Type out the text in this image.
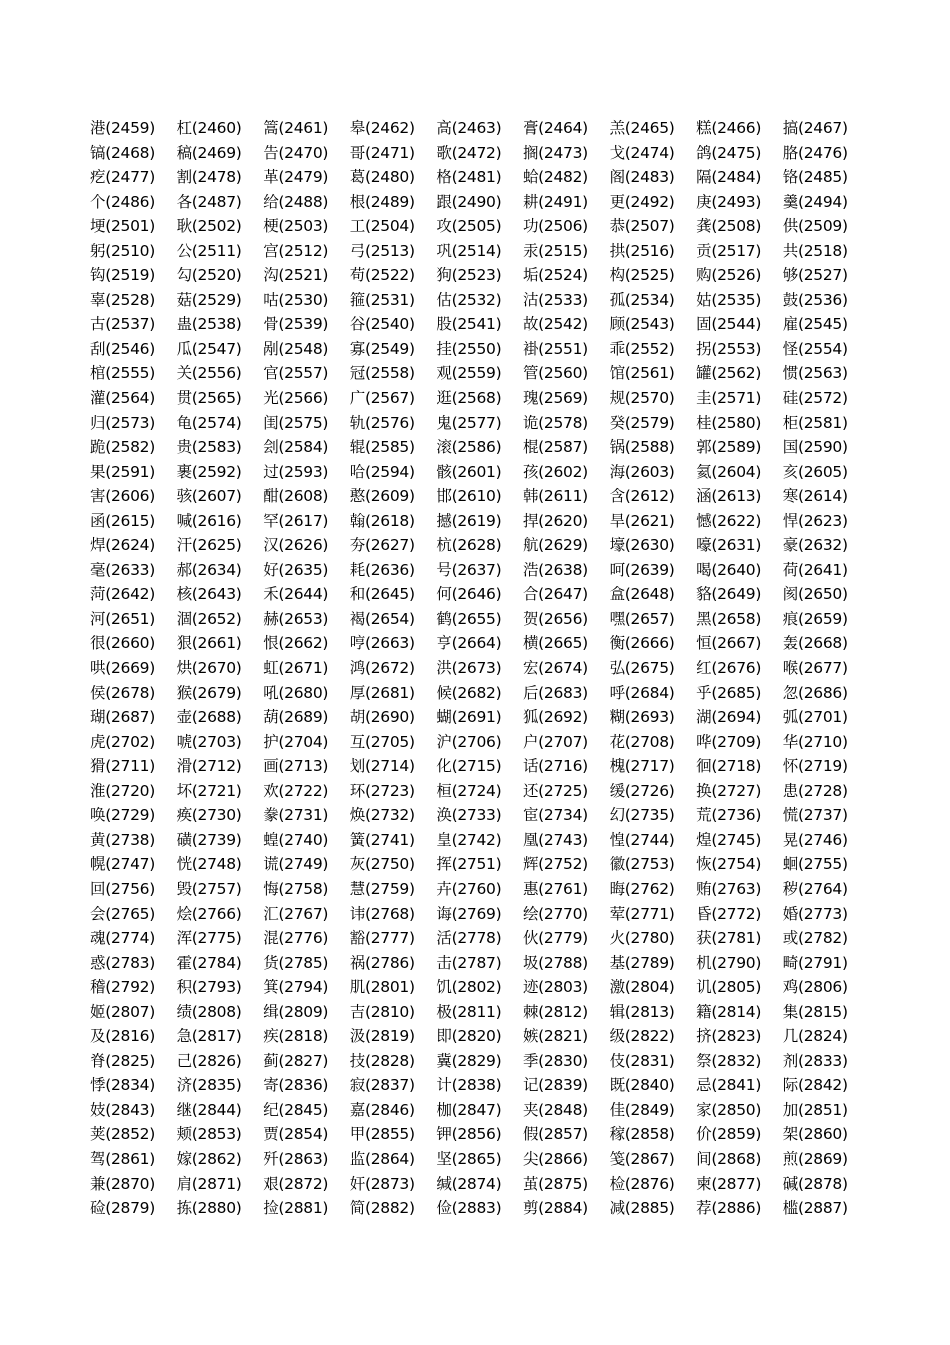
港(2459)	杠(2460)	篙(2461)	皋(2462)	高(2463)	膏(2464)	羔(2465)	糕(2466)	搞(2467)
镐(2468)	稿(2469)	告(2470)	哥(2471)	歌(2472)	搁(2473)	戈(2474)	鸽(2475)	胳(2476)
疙(2477)	割(2478)	革(2479)	葛(2480)	格(2481)	蛤(2482)	阁(2483)	隔(2484)	铬(2485)
个(2486)	各(2487)	给(2488)	根(2489)	跟(2490)	耕(2491)	更(2492)	庚(2493)	羹(2494)
埂(2501)	耿(2502)	梗(2503)	工(2504)	攻(2505)	功(2506)	恭(2507)	龚(2508)	供(2509)
躬(2510)	公(2511)	宫(2512)	弓(2513)	巩(2514)	汞(2515)	拱(2516)	贡(2517)	共(2518)
钩(2519)	勾(2520)	沟(2521)	苟(2522)	狗(2523)	垢(2524)	构(2525)	购(2526)	够(2527)
辜(2528)	菇(2529)	咕(2530)	箍(2531)	估(2532)	沽(2533)	孤(2534)	姑(2535)	鼓(2536)
古(2537)	蛊(2538)	骨(2539)	谷(2540)	股(2541)	故(2542)	顾(2543)	固(2544)	雇(2545)
刮(2546)	瓜(2547)	剐(2548)	寡(2549)	挂(2550)	褂(2551)	乖(2552)	拐(2553)	怪(2554)
棺(2555)	关(2556)	官(2557)	冠(2558)	观(2559)	管(2560)	馆(2561)	罐(2562)	惯(2563)
灌(2564)	贯(2565)	光(2566)	广(2567)	逛(2568)	瑰(2569)	规(2570)	圭(2571)	硅(2572)
归(2573)	龟(2574)	闺(2575)	轨(2576)	鬼(2577)	诡(2578)	癸(2579)	桂(2580)	柜(2581)
跪(2582)	贵(2583)	刽(2584)	辊(2585)	滚(2586)	棍(2587)	锅(2588)	郭(2589)	国(2590)
果(2591)	裹(2592)	过(2593)	哈(2594)	骸(2601)	孩(2602)	海(2603)	氦(2604)	亥(2605)
害(2606)	骇(2607)	酣(2608)	憨(2609)	邯(2610)	韩(2611)	含(2612)	涵(2613)	寒(2614)
函(2615)	喊(2616)	罕(2617)	翰(2618)	撼(2619)	捍(2620)	旱(2621)	憾(2622)	悍(2623)
焊(2624)	汗(2625)	汉(2626)	夯(2627)	杭(2628)	航(2629)	壕(2630)	嚎(2631)	豪(2632)
毫(2633)	郝(2634)	好(2635)	耗(2636)	号(2637)	浩(2638)	呵(2639)	喝(2640)	荷(2641)
菏(2642)	核(2643)	禾(2644)	和(2645)	何(2646)	合(2647)	盒(2648)	貉(2649)	阂(2650)
河(2651)	涸(2652)	赫(2653)	褐(2654)	鹤(2655)	贺(2656)	嘿(2657)	黑(2658)	痕(2659)
很(2660)	狠(2661)	恨(2662)	哼(2663)	亨(2664)	横(2665)	衡(2666)	恒(2667)	轰(2668)
哄(2669)	烘(2670)	虹(2671)	鸿(2672)	洪(2673)	宏(2674)	弘(2675)	红(2676)	喉(2677)
侯(2678)	猴(2679)	吼(2680)	厚(2681)	候(2682)	后(2683)	呼(2684)	乎(2685)	忽(2686)
瑚(2687)	壶(2688)	葫(2689)	胡(2690)	蝴(2691)	狐(2692)	糊(2693)	湖(2694)	弧(2701)
虎(2702)	唬(2703)	护(2704)	互(2705)	沪(2706)	户(2707)	花(2708)	哗(2709)	华(2710)
猾(2711)	滑(2712)	画(2713)	划(2714)	化(2715)	话(2716)	槐(2717)	徊(2718)	怀(2719)
淮(2720)	坏(2721)	欢(2722)	环(2723)	桓(2724)	还(2725)	缓(2726)	换(2727)	患(2728)
唤(2729)	痪(2730)	豢(2731)	焕(2732)	涣(2733)	宦(2734)	幻(2735)	荒(2736)	慌(2737)
黄(2738)	磺(2739)	蝗(2740)	簧(2741)	皇(2742)	凰(2743)	惶(2744)	煌(2745)	晃(2746)
幌(2747)	恍(2748)	谎(2749)	灰(2750)	挥(2751)	辉(2752)	徽(2753)	恢(2754)	蛔(2755)
回(2756)	毁(2757)	悔(2758)	慧(2759)	卉(2760)	惠(2761)	晦(2762)	贿(2763)	秽(2764)
会(2765)	烩(2766)	汇(2767)	讳(2768)	诲(2769)	绘(2770)	荤(2771)	昏(2772)	婚(2773)
魂(2774)	浑(2775)	混(2776)	豁(2777)	活(2778)	伙(2779)	火(2780)	获(2781)	或(2782)
惑(2783)	霍(2784)	货(2785)	祸(2786)	击(2787)	圾(2788)	基(2789)	机(2790)	畸(2791)
稽(2792)	积(2793)	箕(2794)	肌(2801)	饥(2802)	迹(2803)	激(2804)	讥(2805)	鸡(2806)
姬(2807)	绩(2808)	缉(2809)	吉(2810)	极(2811)	棘(2812)	辑(2813)	籍(2814)	集(2815)
及(2816)	急(2817)	疾(2818)	汲(2819)	即(2820)	嫉(2821)	级(2822)	挤(2823)	几(2824)
脊(2825)	己(2826)	蓟(2827)	技(2828)	冀(2829)	季(2830)	伎(2831)	祭(2832)	剂(2833)
悸(2834)	济(2835)	寄(2836)	寂(2837)	计(2838)	记(2839)	既(2840)	忌(2841)	际(2842)
妓(2843)	继(2844)	纪(2845)	嘉(2846)	枷(2847)	夹(2848)	佳(2849)	家(2850)	加(2851)
荚(2852)	颊(2853)	贾(2854)	甲(2855)	钾(2856)	假(2857)	稼(2858)	价(2859)	架(2860)
驾(2861)	嫁(2862)	歼(2863)	监(2864)	坚(2865)	尖(2866)	笺(2867)	间(2868)	煎(2869)
兼(2870)	肩(2871)	艰(2872)	奸(2873)	缄(2874)	茧(2875)	检(2876)	柬(2877)	碱(2878)
硷(2879)	拣(2880)	捡(2881)	简(2882)	俭(2883)	剪(2884)	减(2885)	荐(2886)	槛(2887)
